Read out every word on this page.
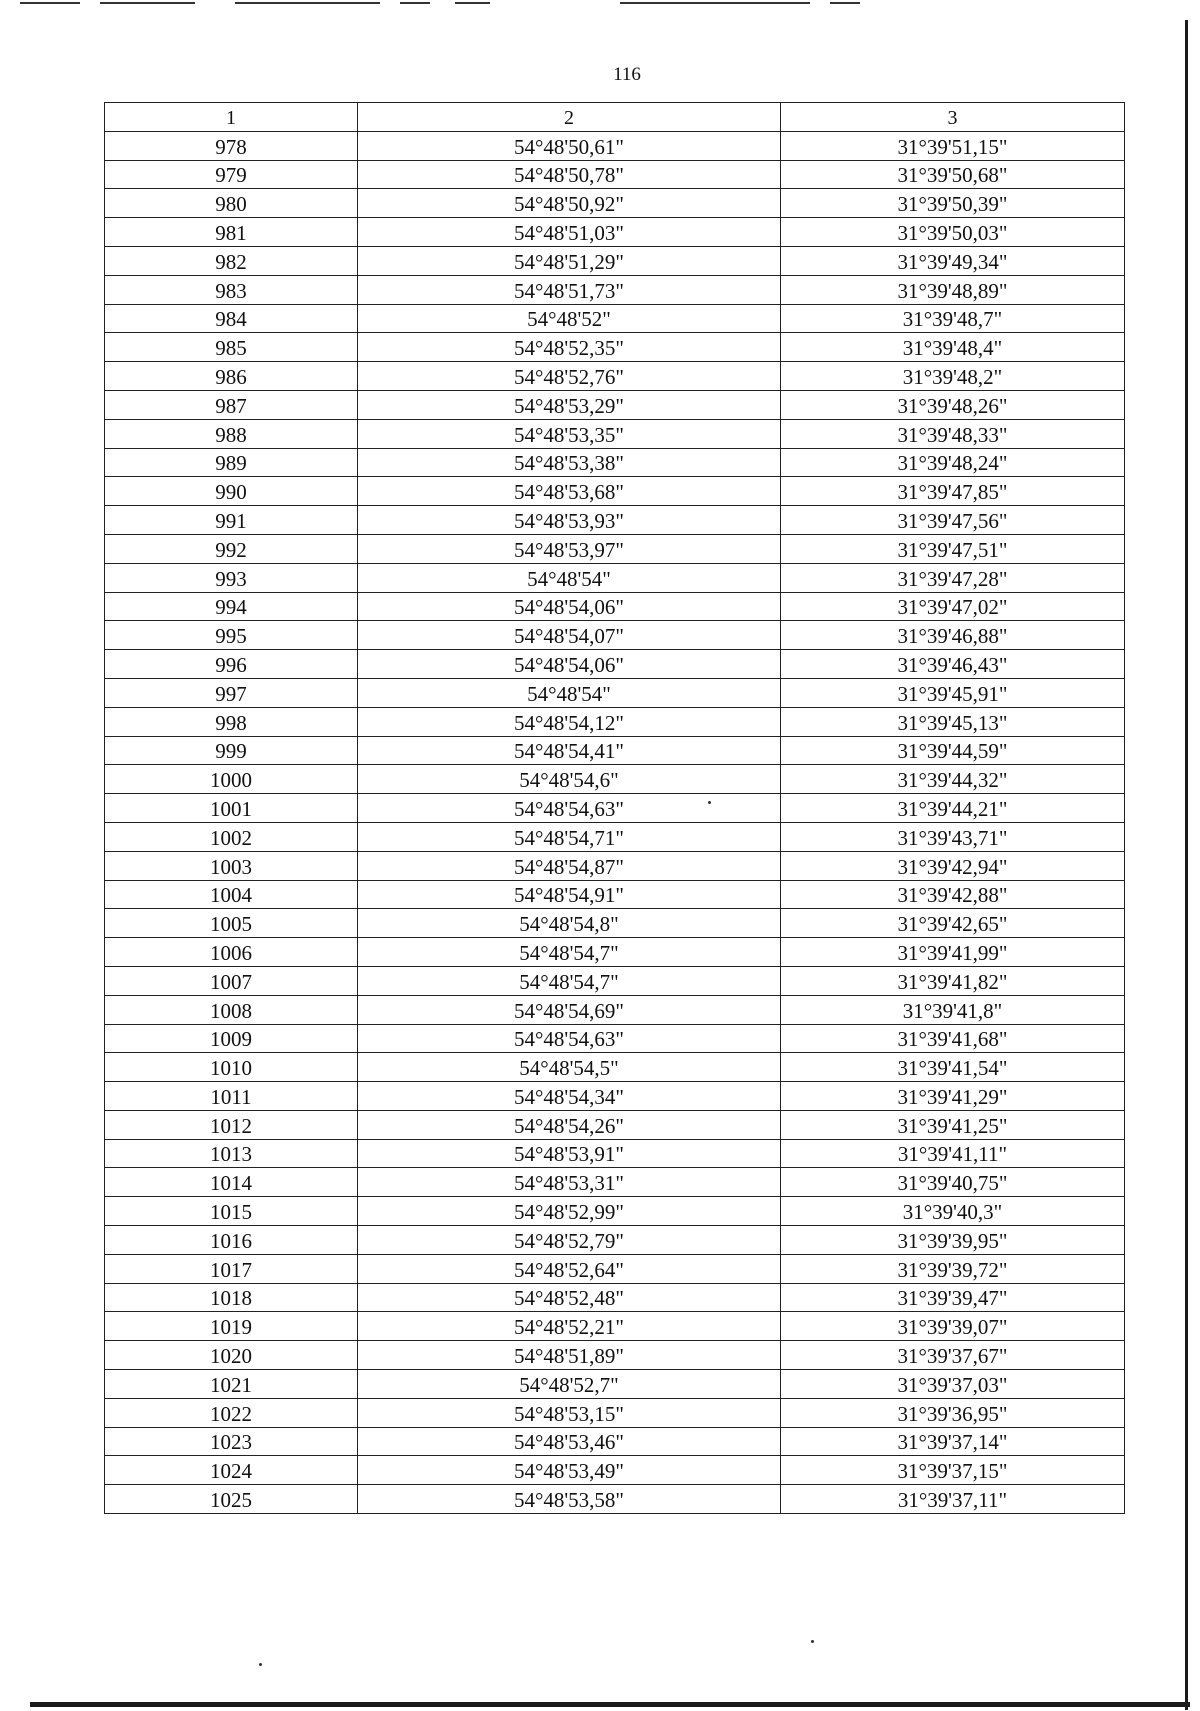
116
1	2	3
978	54°48'50,61"	31°39'51,15"
979	54°48'50,78"	31°39'50,68"
980	54°48'50,92"	31°39'50,39"
981	54°48'51,03"	31°39'50,03"
982	54°48'51,29"	31°39'49,34"
983	54°48'51,73"	31°39'48,89"
984	54°48'52"	31°39'48,7"
985	54°48'52,35"	31°39'48,4"
986	54°48'52,76"	31°39'48,2"
987	54°48'53,29"	31°39'48,26"
988	54°48'53,35"	31°39'48,33"
989	54°48'53,38"	31°39'48,24"
990	54°48'53,68"	31°39'47,85"
991	54°48'53,93"	31°39'47,56"
992	54°48'53,97"	31°39'47,51"
993	54°48'54"	31°39'47,28"
994	54°48'54,06"	31°39'47,02"
995	54°48'54,07"	31°39'46,88"
996	54°48'54,06"	31°39'46,43"
997	54°48'54"	31°39'45,91"
998	54°48'54,12"	31°39'45,13"
999	54°48'54,41"	31°39'44,59"
1000	54°48'54,6"	31°39'44,32"
1001	54°48'54,63"	31°39'44,21"
1002	54°48'54,71"	31°39'43,71"
1003	54°48'54,87"	31°39'42,94"
1004	54°48'54,91"	31°39'42,88"
1005	54°48'54,8"	31°39'42,65"
1006	54°48'54,7"	31°39'41,99"
1007	54°48'54,7"	31°39'41,82"
1008	54°48'54,69"	31°39'41,8"
1009	54°48'54,63"	31°39'41,68"
1010	54°48'54,5"	31°39'41,54"
1011	54°48'54,34"	31°39'41,29"
1012	54°48'54,26"	31°39'41,25"
1013	54°48'53,91"	31°39'41,11"
1014	54°48'53,31"	31°39'40,75"
1015	54°48'52,99"	31°39'40,3"
1016	54°48'52,79"	31°39'39,95"
1017	54°48'52,64"	31°39'39,72"
1018	54°48'52,48"	31°39'39,47"
1019	54°48'52,21"	31°39'39,07"
1020	54°48'51,89"	31°39'37,67"
1021	54°48'52,7"	31°39'37,03"
1022	54°48'53,15"	31°39'36,95"
1023	54°48'53,46"	31°39'37,14"
1024	54°48'53,49"	31°39'37,15"
1025	54°48'53,58"	31°39'37,11"
